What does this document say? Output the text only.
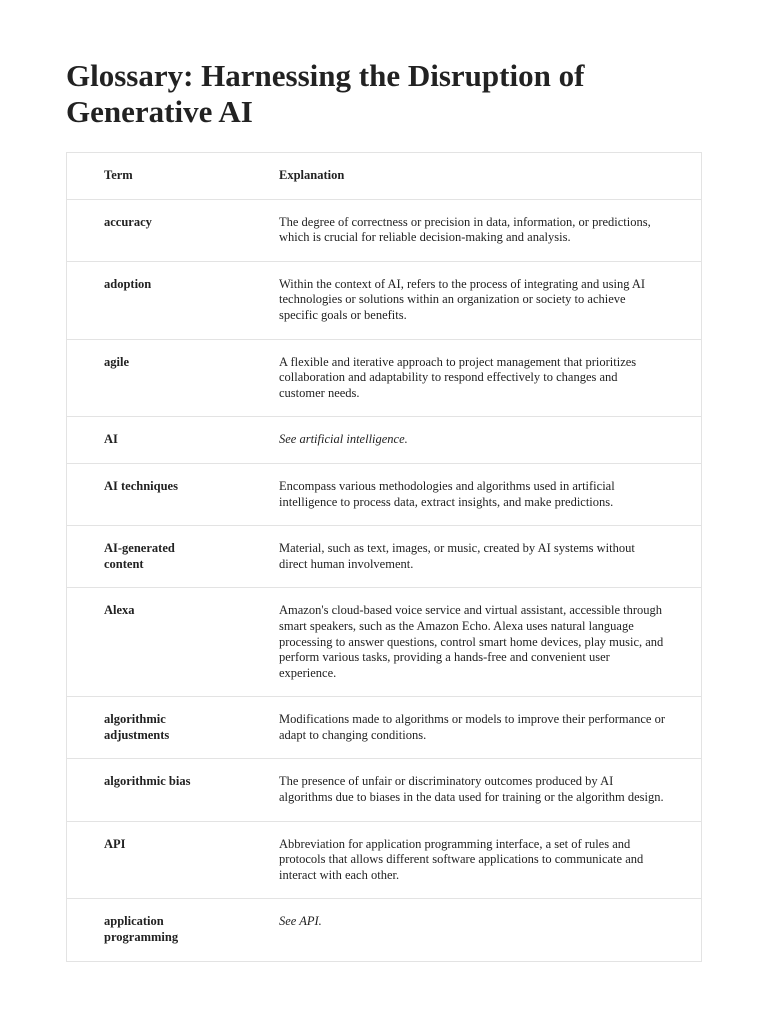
Glossary: Harnessing the Disruption of Generative AI
Term	Explanation

accuracy	The degree of correctness or precision in data, information, or predictions, which is crucial for reliable decision-making and analysis.

adoption	Within the context of AI, refers to the process of integrating and using AI technologies or solutions within an organization or society to achieve specific goals or benefits.

agile	A flexible and iterative approach to project management that prioritizes collaboration and adaptability to respond effectively to changes and customer needs.

AI	See artificial intelligence.

AI techniques	Encompass various methodologies and algorithms used in artificial intelligence to process data, extract insights, and make predictions.

AI-generated content	Material, such as text, images, or music, created by AI systems without direct human involvement.

Alexa	Amazon's cloud-based voice service and virtual assistant, accessible through smart speakers, such as the Amazon Echo. Alexa uses natural language processing to answer questions, control smart home devices, play music, and perform various tasks, providing a hands-free and convenient user experience.

algorithmic adjustments	Modifications made to algorithms or models to improve their performance or adapt to changing conditions.

algorithmic bias	The presence of unfair or discriminatory outcomes produced by AI algorithms due to biases in the data used for training or the algorithm design.

API	Abbreviation for application programming interface, a set of rules and protocols that allows different software applications to communicate and interact with each other.

application programming	See API.
